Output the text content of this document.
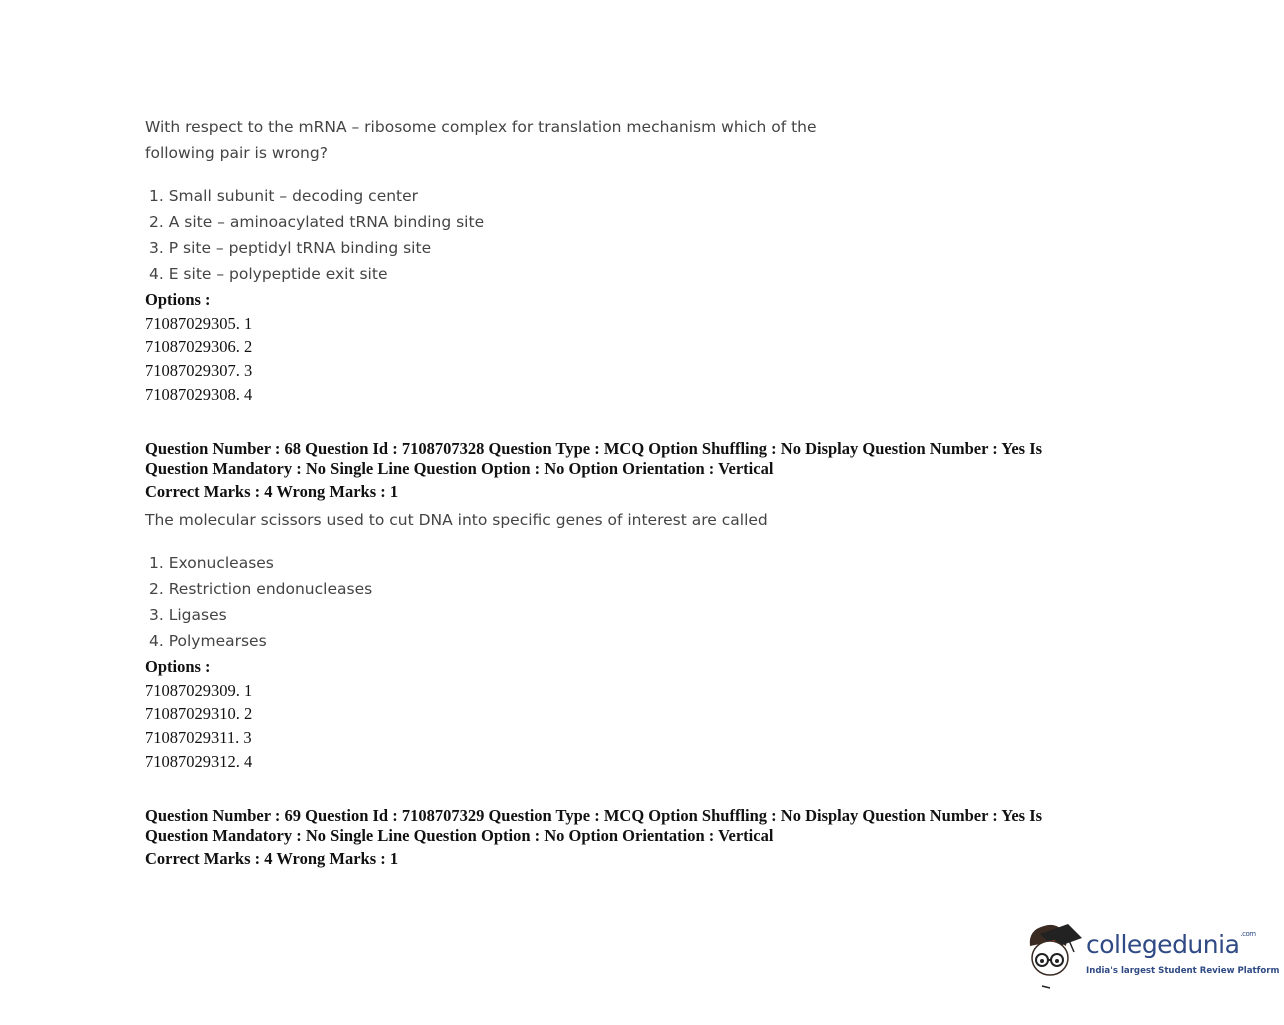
With respect to the mRNA – ribosome complex for translation mechanism which of the
following pair is wrong?
1. Small subunit – decoding center
2. A site – aminoacylated tRNA binding site
3. P site – peptidyl tRNA binding site
4. E site – polypeptide exit site
Options :
71087029305. 1
71087029306. 2
71087029307. 3
71087029308. 4
Question Number : 68 Question Id : 7108707328 Question Type : MCQ Option Shuffling : No Display Question Number : Yes Is
Question Mandatory : No Single Line Question Option : No Option Orientation : Vertical
Correct Marks : 4 Wrong Marks : 1
The molecular scissors used to cut DNA into specific genes of interest are called
1. Exonucleases
2. Restriction endonucleases
3. Ligases
4. Polymearses
Options :
71087029309. 1
71087029310. 2
71087029311. 3
71087029312. 4
Question Number : 69 Question Id : 7108707329 Question Type : MCQ Option Shuffling : No Display Question Number : Yes Is
Question Mandatory : No Single Line Question Option : No Option Orientation : Vertical
Correct Marks : 4 Wrong Marks : 1
collegedunia$^{.com}$
India's largest Student Review Platform
